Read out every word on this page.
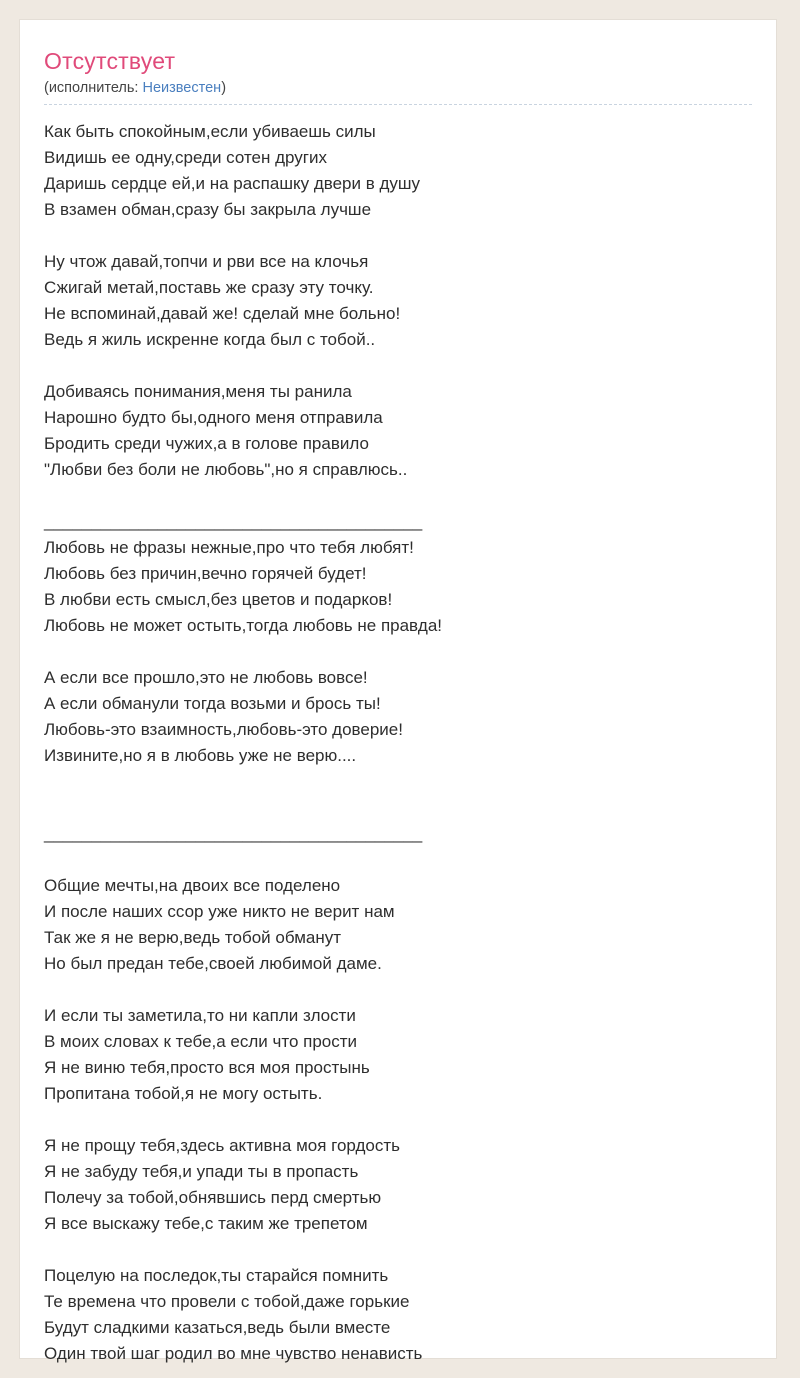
Отсутствует
(исполнитель: Неизвестен)
Как быть спокойным,если убиваешь силы
Видишь ее одну,среди сотен других
Даришь сердце ей,и на распашку двери в душу
В взамен обман,сразу бы закрыла лучше
Ну чтож давай,топчи и рви все на клочья
Сжигай метай,поставь же сразу эту точку.
Не вспоминай,давай же! сделай мне больно!
Ведь я жиль искренне когда был с тобой..
Добиваясь понимания,меня ты ранила
Нарошно будто бы,одного меня отправила
Бродить среди чужих,а в голове правило
"Любви без боли не любовь",но я справлюсь..
________________________________________
Любовь не фразы нежные,про что тебя любят!
Любовь без причин,вечно горячей будет!
В любви есть смысл,без цветов и подарков!
Любовь не может остыть,тогда любовь не правда!
А если все прошло,это не любовь вовсе!
А если обманули тогда возьми и брось ты!
Любовь-это взаимность,любовь-это доверие!
Извините,но я в любовь уже не верю....
________________________________________
Общие мечты,на двоих все поделено
И после наших ссор уже никто не верит нам
Так же я не верю,ведь тобой обманут
Но был предан тебе,своей любимой даме.
И если ты заметила,то ни капли злости
В моих словах к тебе,а если что прости
Я не виню тебя,просто вся моя простынь
Пропитана тобой,я не могу остыть.
Я не прощу тебя,здесь активна моя гордость
Я не забуду тебя,и упади ты в пропасть
Полечу за тобой,обнявшись перд смертью
Я все выскажу тебе,с таким же трепетом
Поцелую на последок,ты старайся помнить
Те времена что провели с тобой,даже горькие
Будут сладкими казаться,ведь были вместе
Один твой шаг родил во мне чувство ненависть
